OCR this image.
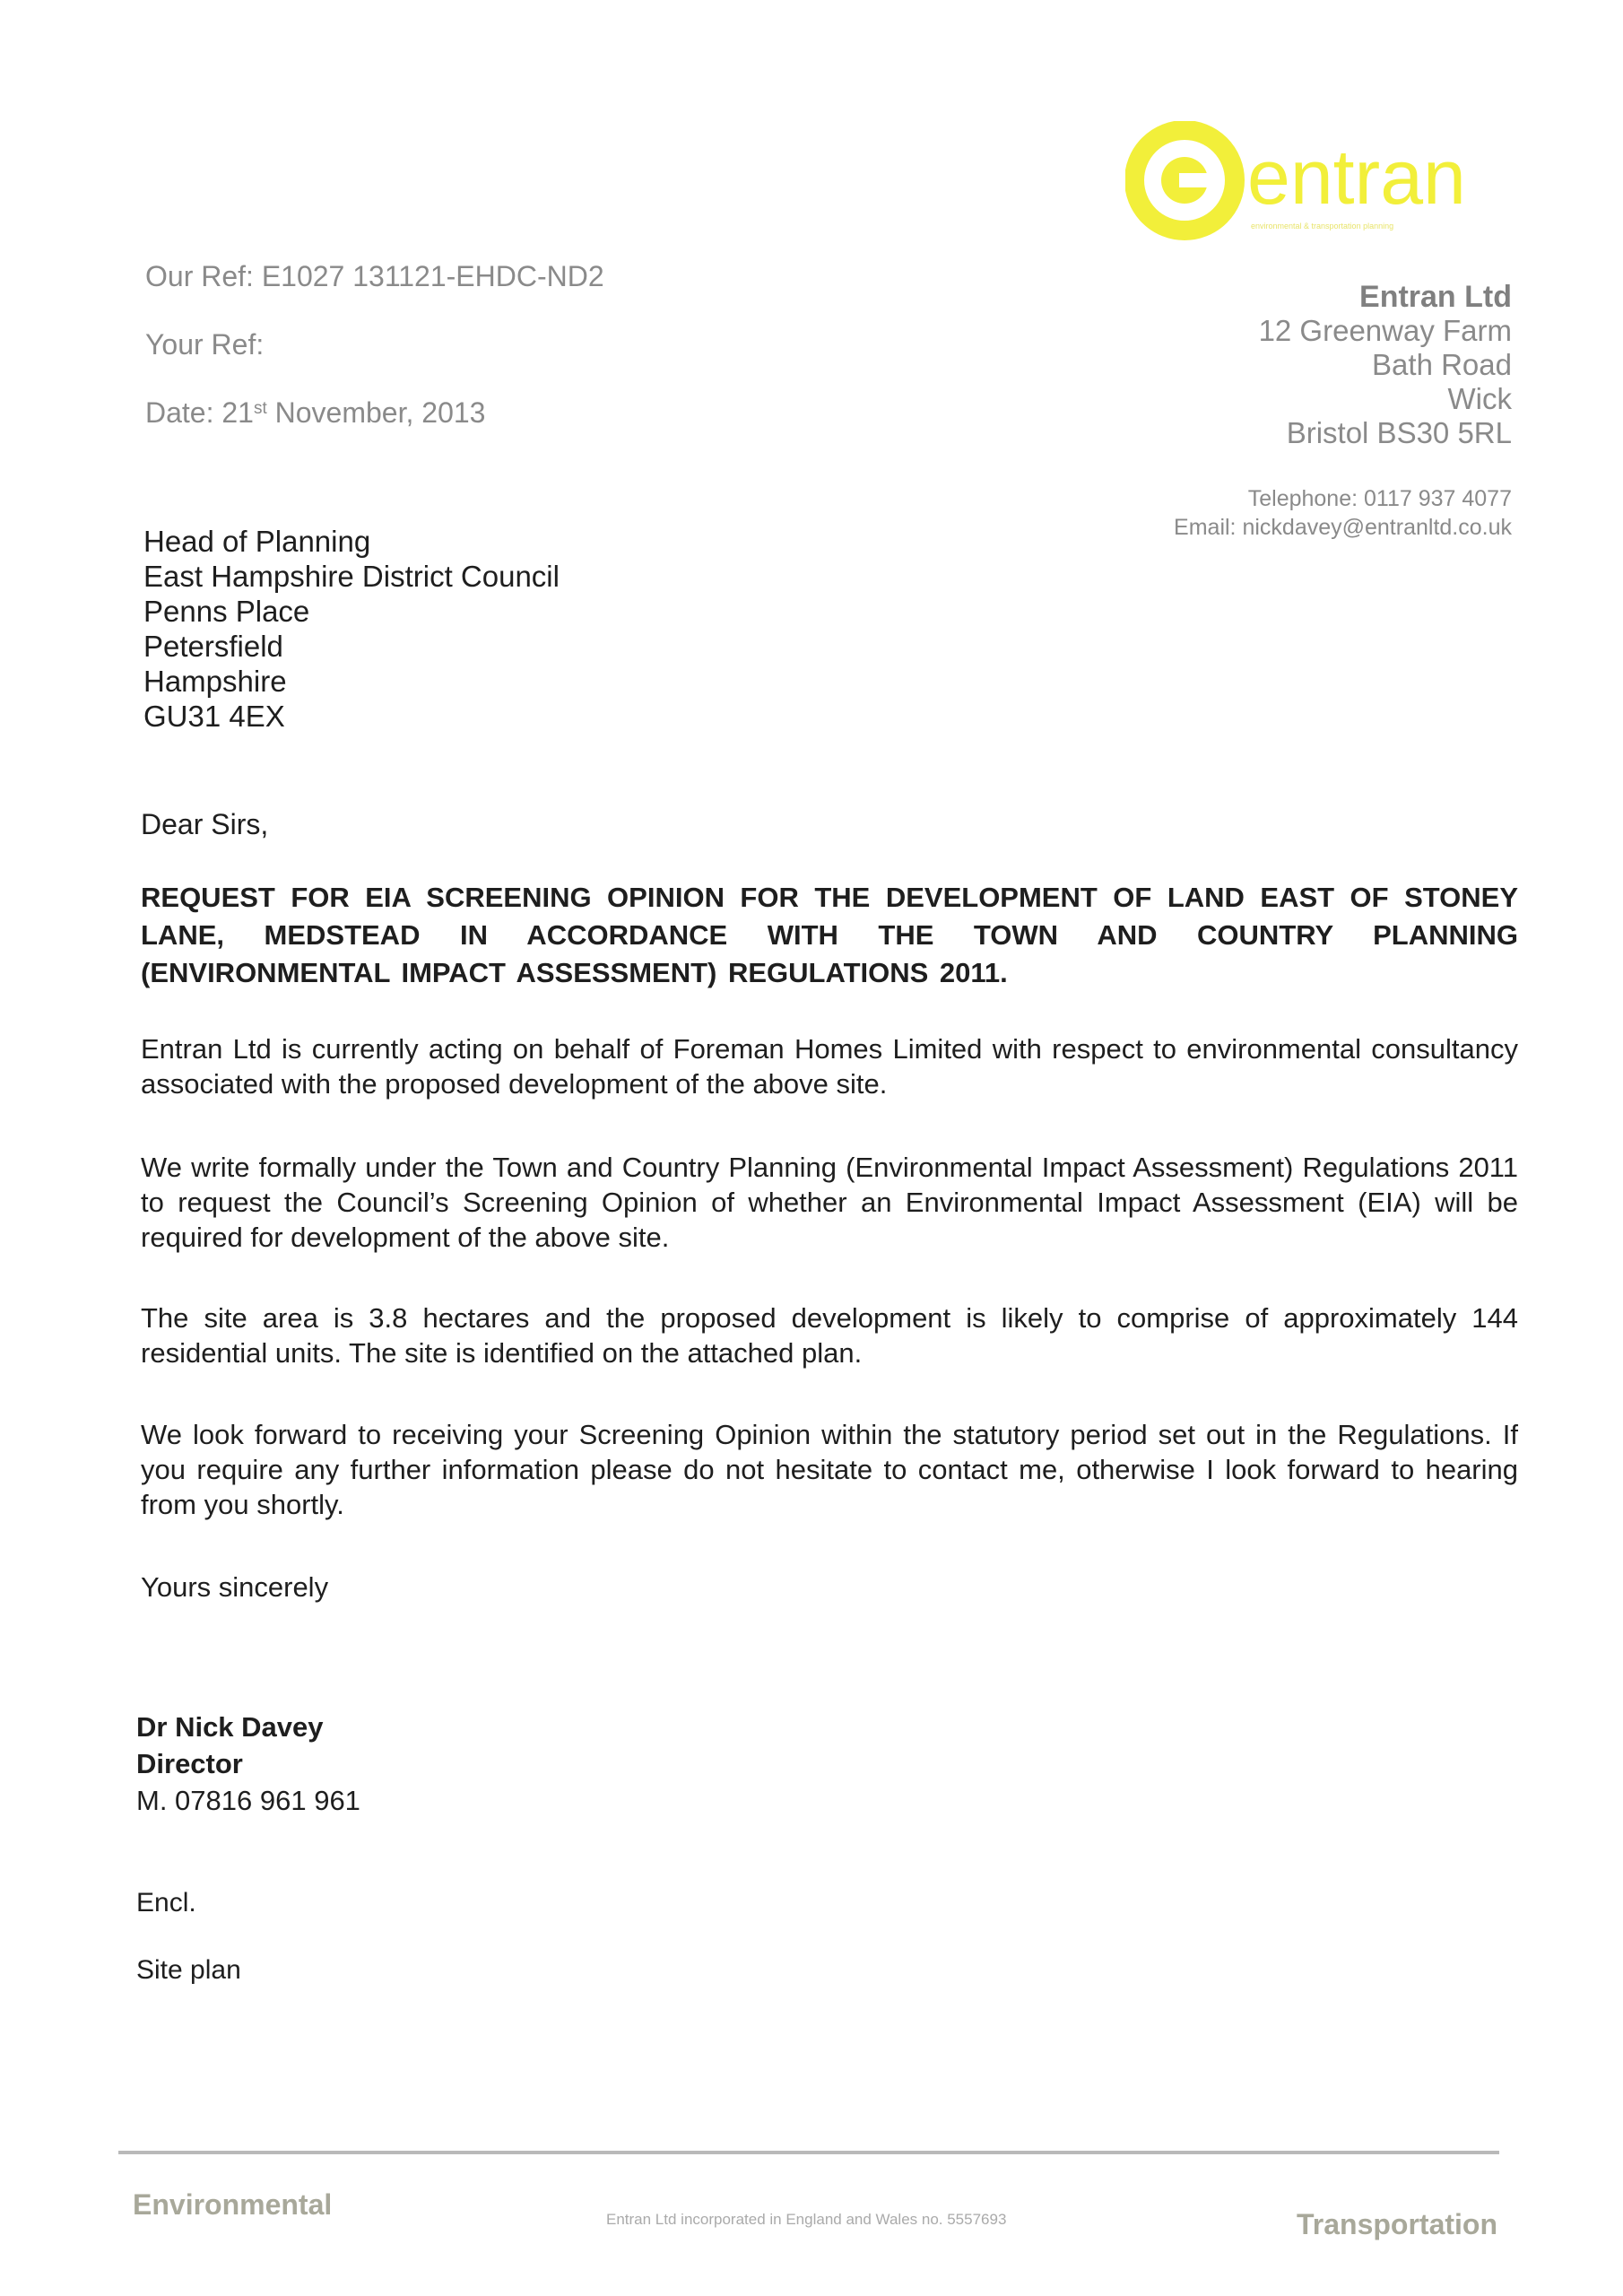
entran
environmental & transportation planning
Our Ref: E1027 131121-EHDC-ND2
Your Ref:
Date: 21st November, 2013
Entran Ltd
12 Greenway Farm
Bath Road
Wick
Bristol BS30 5RL
Telephone: 0117 937 4077
Email: nickdavey@entranltd.co.uk
Head of Planning
East Hampshire District Council
Penns Place
Petersfield
Hampshire
GU31 4EX
Dear Sirs,
REQUEST FOR EIA SCREENING OPINION FOR THE DEVELOPMENT OF LAND EAST OF STONEY LANE, MEDSTEAD IN ACCORDANCE WITH THE TOWN AND COUNTRY PLANNING (ENVIRONMENTAL IMPACT ASSESSMENT) REGULATIONS 2011.
Entran Ltd is currently acting on behalf of Foreman Homes Limited with respect to environmental consultancy associated with the proposed development of the above site.
We write formally under the Town and Country Planning (Environmental Impact Assessment) Regulations 2011 to request the Council’s Screening Opinion of whether an Environmental Impact Assessment (EIA) will be required for development of the above site.
The site area is 3.8 hectares and the proposed development is likely to comprise of approximately 144 residential units. The site is identified on the attached plan.
We look forward to receiving your Screening Opinion within the statutory period set out in the Regulations. If you require any further information please do not hesitate to contact me, otherwise I look forward to hearing from you shortly.
Yours sincerely
Dr Nick Davey
Director
M. 07816 961 961
Encl.
Site plan
Environmental	Entran Ltd incorporated in England and Wales no. 5557693	Transportation
